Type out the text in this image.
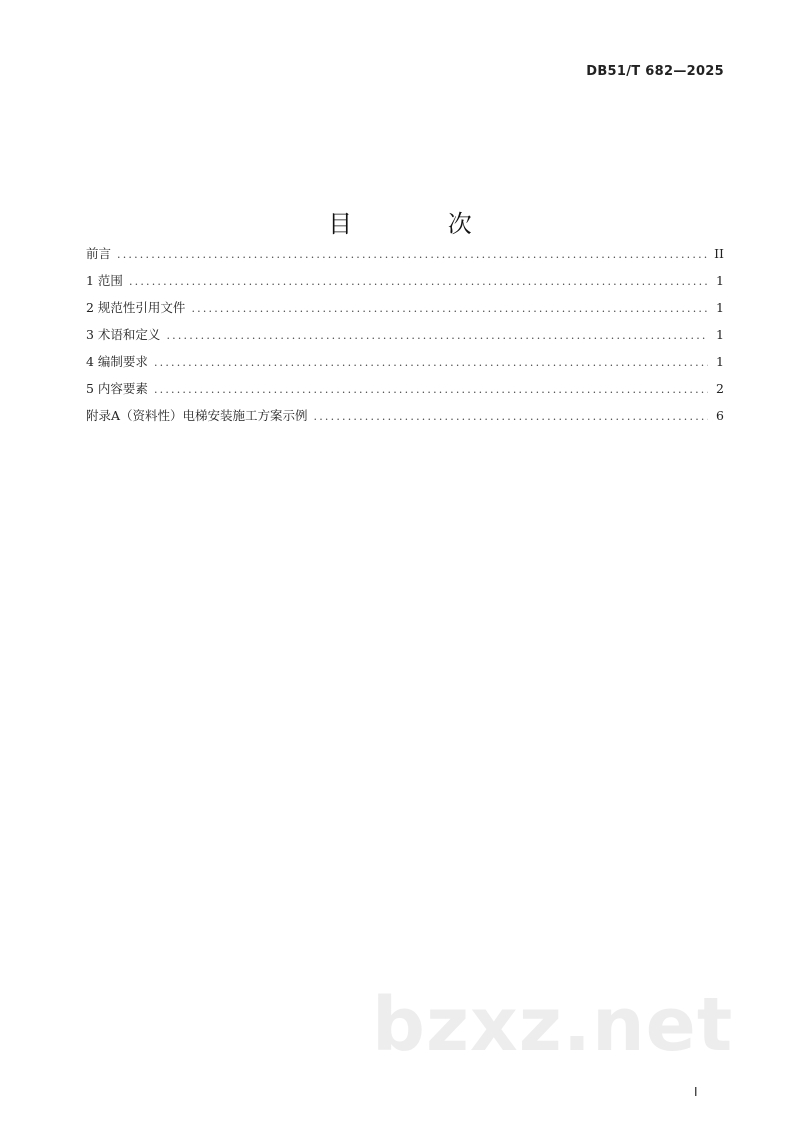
DB51/T 682—2025
目 次
前言 .....	II
1 范围 .....	1
2 规范性引用文件 .....	1
3 术语和定义 .....	1
4 编制要求 .....	1
5 内容要素 .....	2
附录A（资料性）电梯安装施工方案示例 .....	6
bzxz.net
I
